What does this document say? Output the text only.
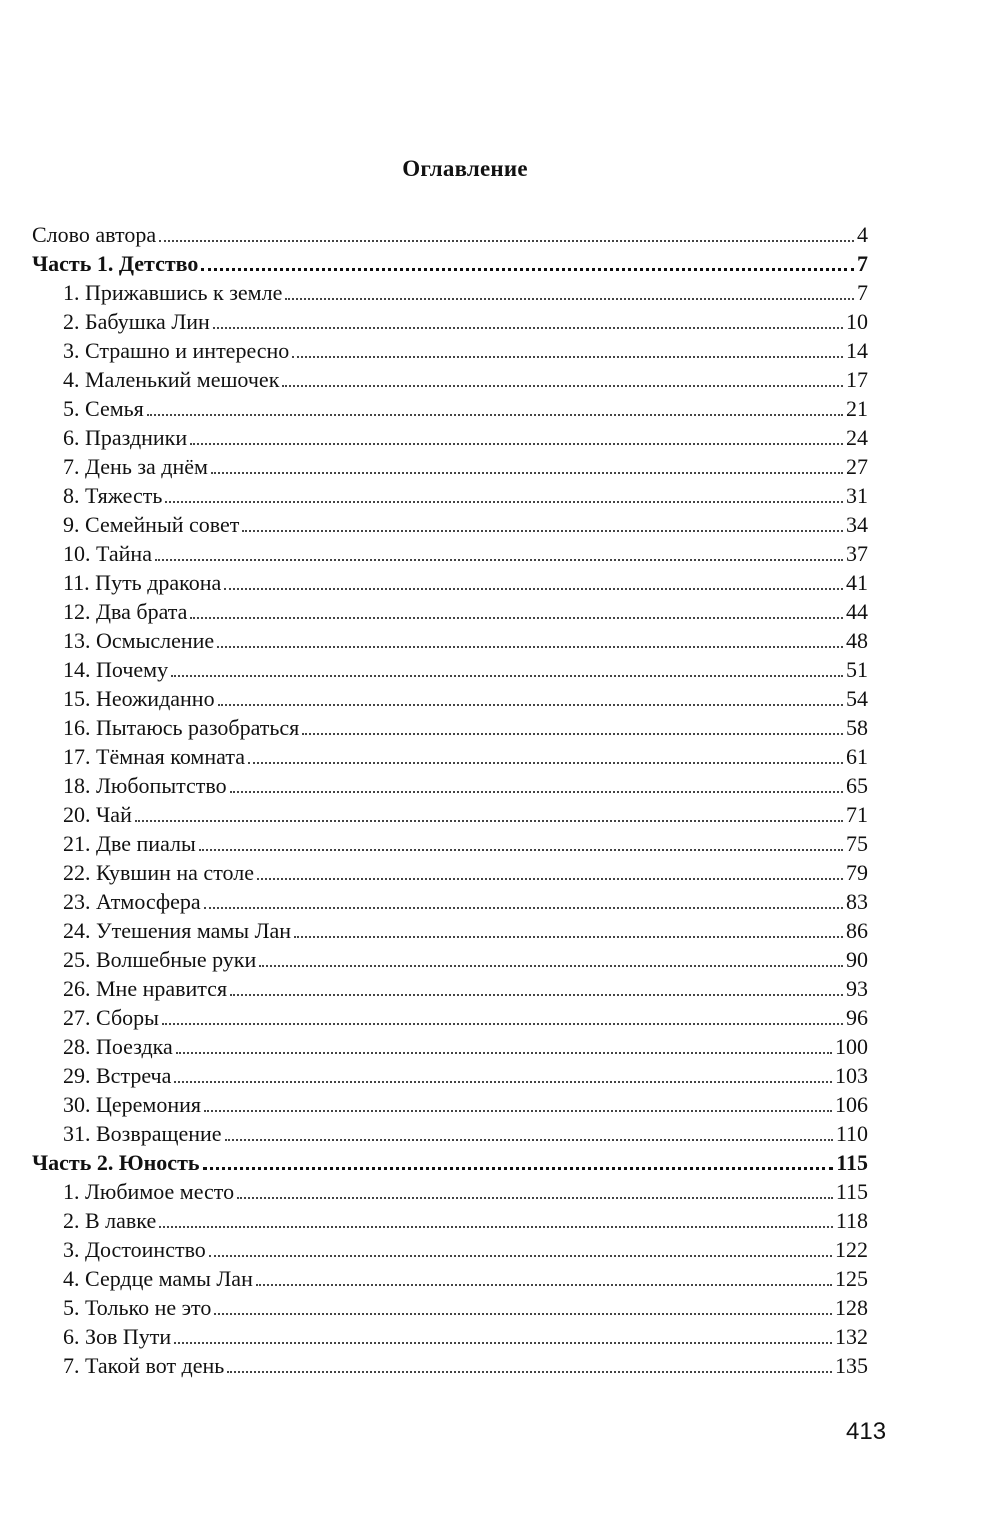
Оглавление
Слово автора	4
Часть 1. Детство	7
1. Прижавшись к земле	7
2. Бабушка Лин	10
3. Страшно и интересно	14
4. Маленький мешочек	17
5. Семья	21
6. Праздники	24
7. День за днём	27
8. Тяжесть	31
9. Семейный совет	34
10. Тайна	37
11. Путь дракона	41
12. Два брата	44
13. Осмысление	48
14. Почему	51
15. Неожиданно	54
16. Пытаюсь разобраться	58
17. Тёмная комната	61
18. Любопытство	65
20. Чай	71
21. Две пиалы	75
22. Кувшин на столе	79
23. Атмосфера	83
24. Утешения мамы Лан	86
25. Волшебные руки	90
26. Мне нравится	93
27. Сборы	96
28. Поездка	100
29. Встреча	103
30. Церемония	106
31. Возвращение	110
Часть 2. Юность	115
1. Любимое место	115
2. В лавке	118
3. Достоинство	122
4. Сердце мамы Лан	125
5. Только не это	128
6. Зов Пути	132
7. Такой вот день	135
413
